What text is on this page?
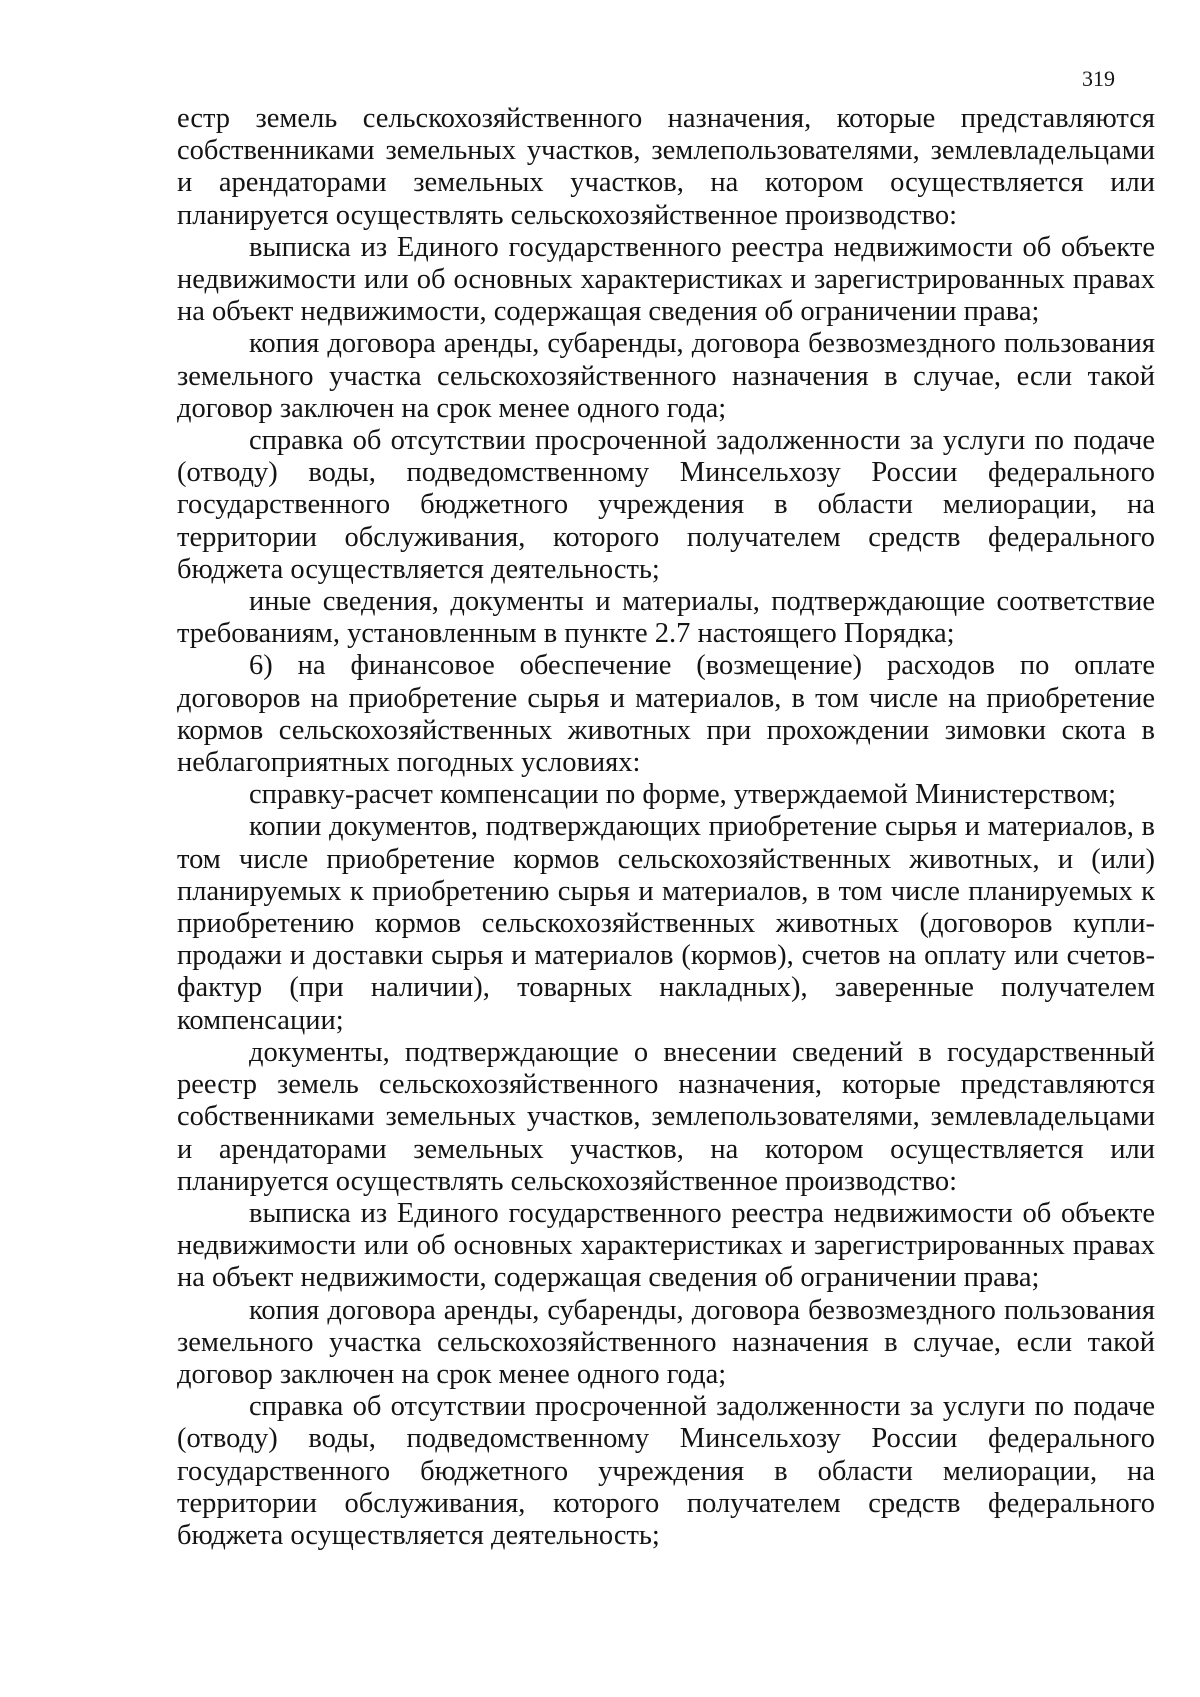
319

естр земель сельскохозяйственного назначения, которые представляются собственниками земельных участков, землепользователями, землевладельцами и арендаторами земельных участков, на котором осуществляется или планируется осуществлять сельскохозяйственное производство:

выписка из Единого государственного реестра недвижимости об объекте недвижимости или об основных характеристиках и зарегистрированных правах на объект недвижимости, содержащая сведения об ограничении права;

копия договора аренды, субаренды, договора безвозмездного пользования земельного участка сельскохозяйственного назначения в случае, если такой договор заключен на срок менее одного года;

справка об отсутствии просроченной задолженности за услуги по подаче (отводу) воды, подведомственному Минсельхозу России федерального государственного бюджетного учреждения в области мелиорации, на территории обслуживания, которого получателем средств федерального бюджета осуществляется деятельность;

иные сведения, документы и материалы, подтверждающие соответствие требованиям, установленным в пункте 2.7 настоящего Порядка;

6) на финансовое обеспечение (возмещение) расходов по оплате договоров на приобретение сырья и материалов, в том числе на приобретение кормов сельскохозяйственных животных при прохождении зимовки скота в неблагоприятных погодных условиях:

справку-расчет компенсации по форме, утверждаемой Министерством;

копии документов, подтверждающих приобретение сырья и материалов, в том числе приобретение кормов сельскохозяйственных животных, и (или) планируемых к приобретению сырья и материалов, в том числе планируемых к приобретению кормов сельскохозяйственных животных (договоров купли-продажи и доставки сырья и материалов (кормов), счетов на оплату или счетов-фактур (при наличии), товарных накладных), заверенные получателем компенсации;

документы, подтверждающие о внесении сведений в государственный реестр земель сельскохозяйственного назначения, которые представляются собственниками земельных участков, землепользователями, землевладельцами и арендаторами земельных участков, на котором осуществляется или планируется осуществлять сельскохозяйственное производство:

выписка из Единого государственного реестра недвижимости об объекте недвижимости или об основных характеристиках и зарегистрированных правах на объект недвижимости, содержащая сведения об ограничении права;

копия договора аренды, субаренды, договора безвозмездного пользования земельного участка сельскохозяйственного назначения в случае, если такой договор заключен на срок менее одного года;

справка об отсутствии просроченной задолженности за услуги по подаче (отводу) воды, подведомственному Минсельхозу России федерального государственного бюджетного учреждения в области мелиорации, на территории обслуживания, которого получателем средств федерального бюджета осуществляется деятельность;
